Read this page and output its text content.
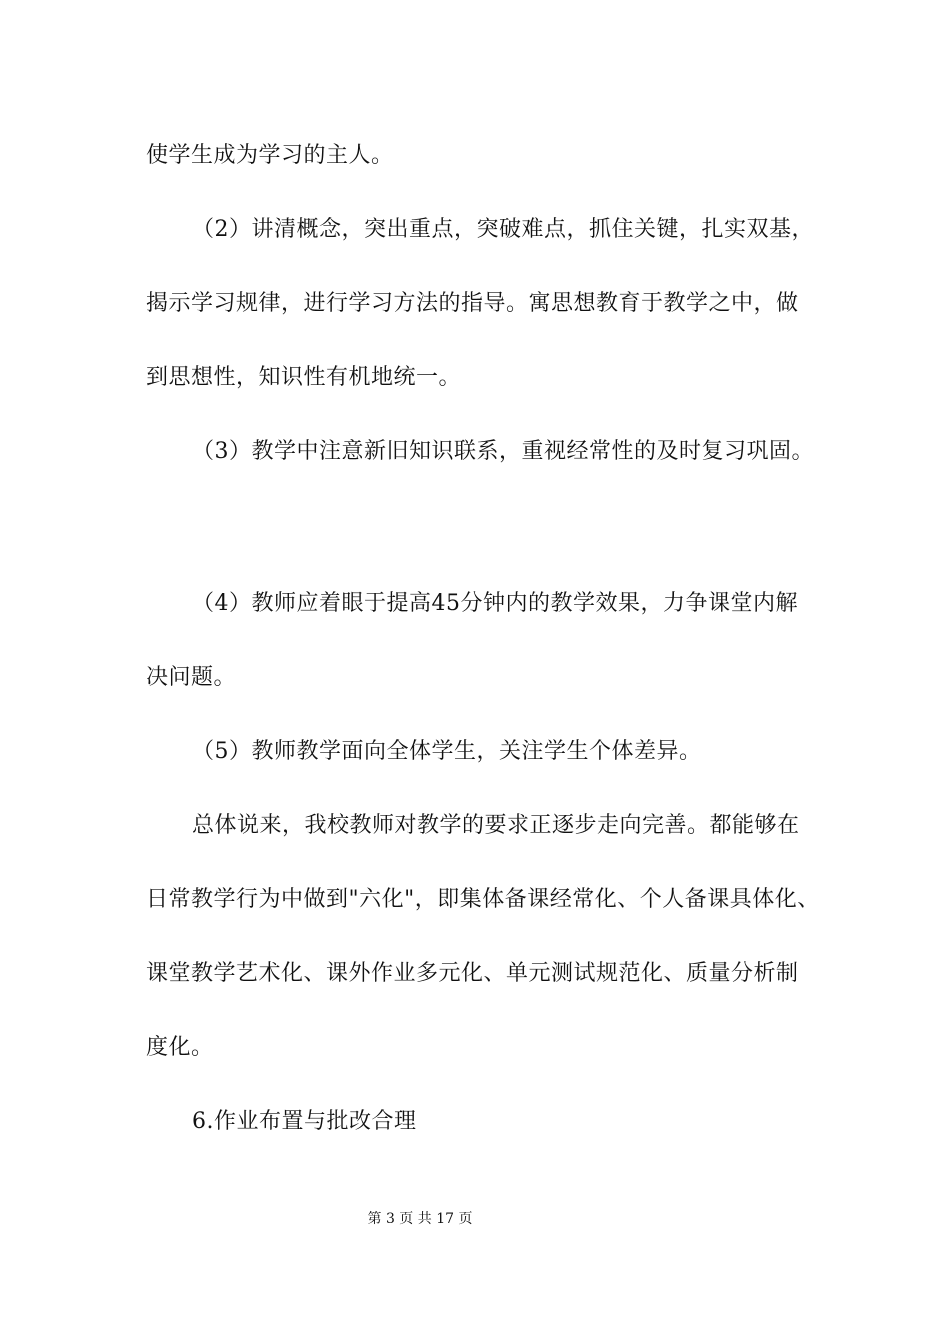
使学生成为学习的主人。
（2）讲清概念，突出重点，突破难点，抓住关键，扎实双基，
揭示学习规律，进行学习方法的指导。寓思想教育于教学之中，做
到思想性，知识性有机地统一。
（3）教学中注意新旧知识联系，重视经常性的及时复习巩固。
（4）教师应着眼于提高45分钟内的教学效果，力争课堂内解
决问题。
（5）教师教学面向全体学生，关注学生个体差异。
总体说来，我校教师对教学的要求正逐步走向完善。都能够在
日常教学行为中做到"六化"，即集体备课经常化、个人备课具体化、
课堂教学艺术化、课外作业多元化、单元测试规范化、质量分析制
度化。
6.作业布置与批改合理
第 3 页 共 17 页
